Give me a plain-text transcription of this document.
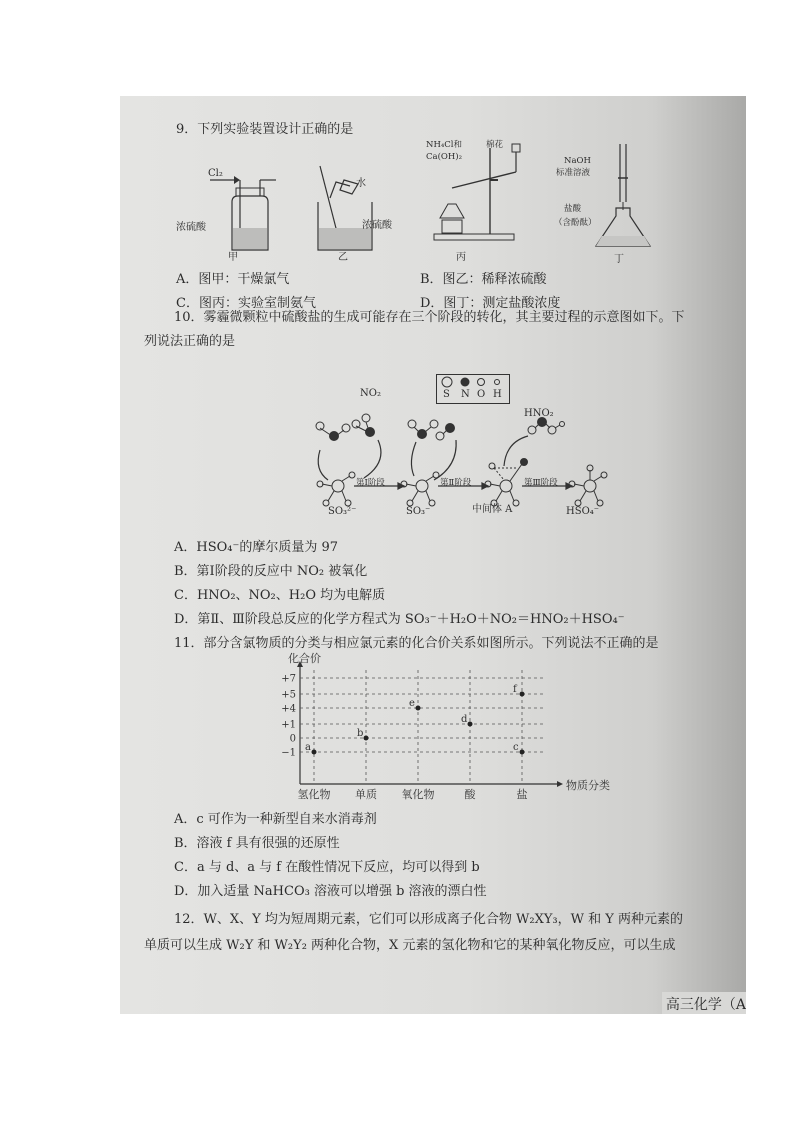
9．下列实验装置设计正确的是
Cl₂
浓硫酸
甲
水
浓硫酸
乙
NH₄Cl和
Ca(OH)₂
棉花
丙
NaOH
标准溶液
盐酸
（含酚酞）
丁
A．图甲：干燥氯气	B．图乙：稀释浓硫酸
C．图丙：实验室制氨气	D．图丁：测定盐酸浓度
10．雾霾微颗粒中硫酸盐的生成可能存在三个阶段的转化，其主要过程的示意图如下。下
列说法正确的是
S N O H
NO₂
HNO₂
第Ⅰ阶段	第Ⅱ阶段	第Ⅲ阶段
SO₃²⁻	SO₃⁻	中间体 A	HSO₄⁻
A．HSO₄⁻的摩尔质量为 97
B．第Ⅰ阶段的反应中 NO₂ 被氧化
C．HNO₂、NO₂、H₂O 均为电解质
D．第Ⅱ、Ⅲ阶段总反应的化学方程式为 SO₃⁻＋H₂O＋NO₂＝HNO₂＋HSO₄⁻
11．部分含氯物质的分类与相应氯元素的化合价关系如图所示。下列说法不正确的是
化合价
物质分类
+7
+5
+4
+1
0
−1
氢化物 单质 氧化物	酸	盐
a
b
c
d
e
f
A．c 可作为一种新型自来水消毒剂
B．溶液 f 具有很强的还原性
C．a 与 d、a 与 f 在酸性情况下反应，均可以得到 b
D．加入适量 NaHCO₃ 溶液可以增强 b 溶液的漂白性
12．W、X、Y 均为短周期元素，它们可以形成离子化合物 W₂XY₃，W 和 Y 两种元素的
单质可以生成 W₂Y 和 W₂Y₂ 两种化合物，X 元素的氢化物和它的某种氧化物反应，可以生成
高三化学（A
